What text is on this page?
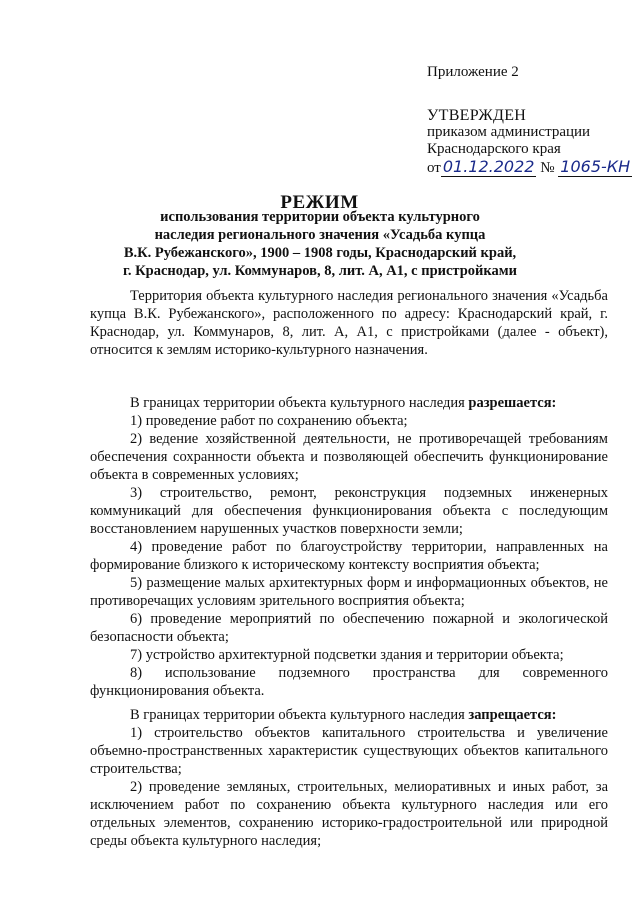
Приложение 2
УТВЕРЖДЕН
приказом администрации
Краснодарского края
от 01.12.2022 № 1065-КН
РЕЖИМ
использования территории объекта культурного
наследия регионального значения «Усадьба купца
В.К. Рубежанского», 1900 – 1908 годы, Краснодарский край,
г. Краснодар, ул. Коммунаров, 8, лит. А, А1, с пристройками

Территория объекта культурного наследия регионального значения «Усадьба купца В.К. Рубежанского», расположенного по адресу: Краснодарский край, г. Краснодар, ул. Коммунаров, 8, лит. А, А1, с пристройками (далее - объект), относится к землям историко-культурного назначения.

В границах территории объекта культурного наследия разрешается:

1) проведение работ по сохранению объекта;

2) ведение хозяйственной деятельности, не противоречащей требованиям обеспечения сохранности объекта и позволяющей обеспечить функционирование объекта в современных условиях;

3) строительство, ремонт, реконструкция подземных инженерных коммуникаций для обеспечения функционирования объекта с последующим восстановлением нарушенных участков поверхности земли;

4) проведение работ по благоустройству территории, направленных на формирование близкого к историческому контексту восприятия объекта;

5) размещение малых архитектурных форм и информационных объектов, не противоречащих условиям зрительного восприятия объекта;

6) проведение мероприятий по обеспечению пожарной и экологической безопасности объекта;

7) устройство архитектурной подсветки здания и территории объекта;

8) использование подземного пространства для современного функционирования объекта.

В границах территории объекта культурного наследия запрещается:

1) строительство объектов капитального строительства и увеличение объемно-пространственных характеристик существующих объектов капитального строительства;

2) проведение земляных, строительных, мелиоративных и иных работ, за исключением работ по сохранению объекта культурного наследия или его отдельных элементов, сохранению историко-градостроительной или природной среды объекта культурного наследия;
